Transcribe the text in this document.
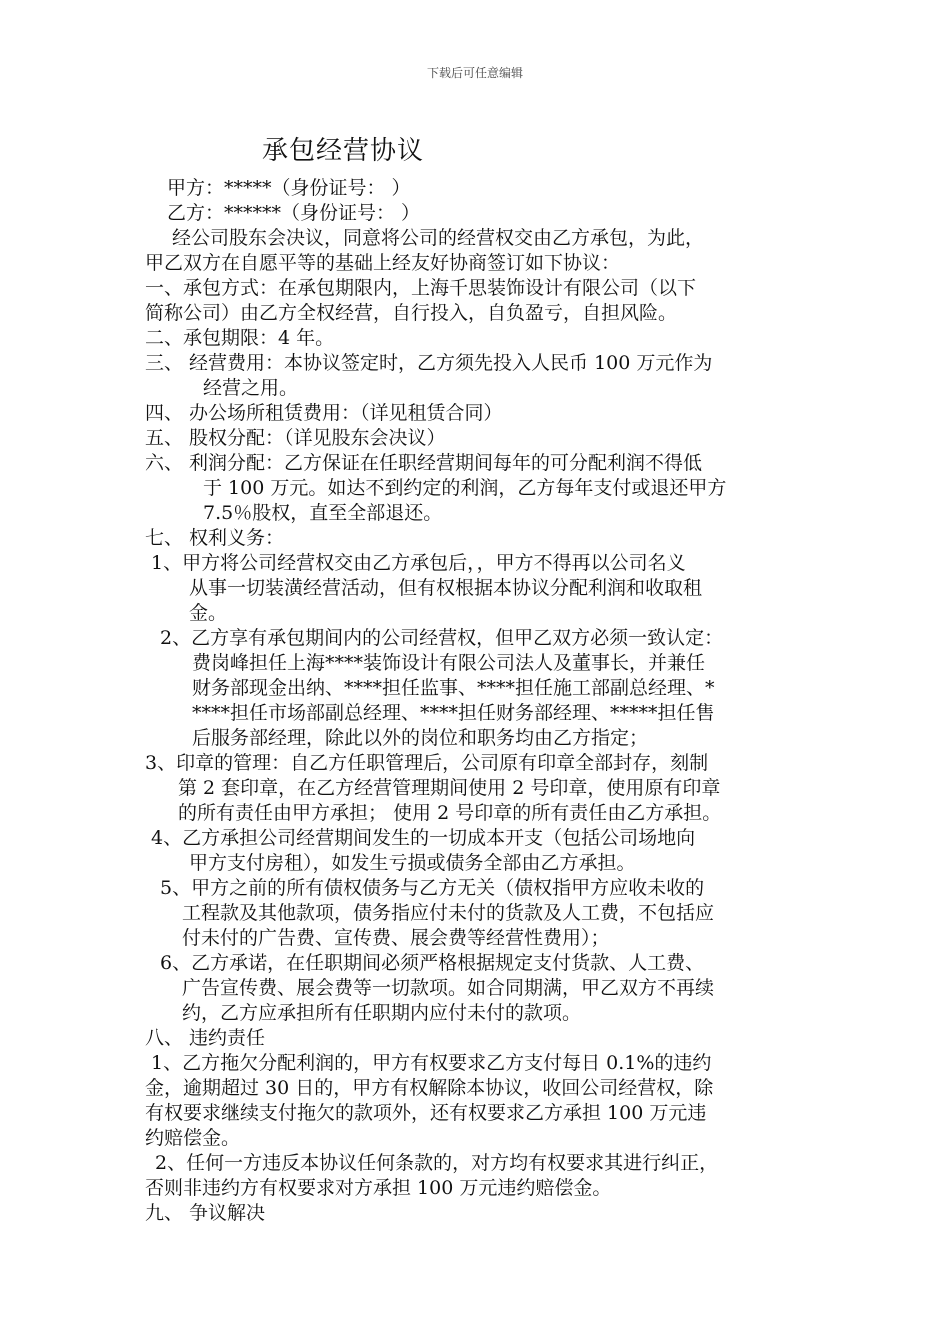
下载后可任意编辑
承包经营协议
甲方：*****（身份证号： ）
乙方：******（身份证号： ）
经公司股东会决议，同意将公司的经营权交由乙方承包，为此，
甲乙双方在自愿平等的基础上经友好协商签订如下协议：
一、承包方式：在承包期限内，上海千思装饰设计有限公司（以下
简称公司）由乙方全权经营，自行投入，自负盈亏，自担风险。
二、承包期限：4 年。
三、 经营费用：本协议签定时，乙方须先投入人民币 100 万元作为
经营之用。
四、 办公场所租赁费用：（详见租赁合同）
五、 股权分配：（详见股东会决议）
六、 利润分配：乙方保证在任职经营期间每年的可分配利润不得低
于 100 万元。如达不到约定的利润，乙方每年支付或退还甲方
7.5％股权，直至全部退还。
七、 权利义务：
1、甲方将公司经营权交由乙方承包后，，甲方不得再以公司名义
从事一切装潢经营活动，但有权根据本协议分配利润和收取租
金。
2、乙方享有承包期间内的公司经营权，但甲乙双方必须一致认定：
费岗峰担任上海****装饰设计有限公司法人及董事长，并兼任
财务部现金出纳、****担任监事、****担任施工部副总经理、*
****担任市场部副总经理、****担任财务部经理、*****担任售
后服务部经理，除此以外的岗位和职务均由乙方指定；
3、印章的管理：自乙方任职管理后，公司原有印章全部封存，刻制
第 2 套印章，在乙方经营管理期间使用 2 号印章，使用原有印章
的所有责任由甲方承担； 使用 2 号印章的所有责任由乙方承担。
4、乙方承担公司经营期间发生的一切成本开支（包括公司场地向
甲方支付房租），如发生亏损或债务全部由乙方承担。
5、甲方之前的所有债权债务与乙方无关（债权指甲方应收未收的
工程款及其他款项，债务指应付未付的货款及人工费，不包括应
付未付的广告费、宣传费、展会费等经营性费用）；
6、乙方承诺，在任职期间必须严格根据规定支付货款、人工费、
广告宣传费、展会费等一切款项。如合同期满，甲乙双方不再续
约，乙方应承担所有任职期内应付未付的款项。
八、 违约责任
1、乙方拖欠分配利润的，甲方有权要求乙方支付每日 0.1%的违约
金，逾期超过 30 日的，甲方有权解除本协议，收回公司经营权，除
有权要求继续支付拖欠的款项外，还有权要求乙方承担 100 万元违
约赔偿金。
2、任何一方违反本协议任何条款的，对方均有权要求其进行纠正，
否则非违约方有权要求对方承担 100 万元违约赔偿金。
九、 争议解决
